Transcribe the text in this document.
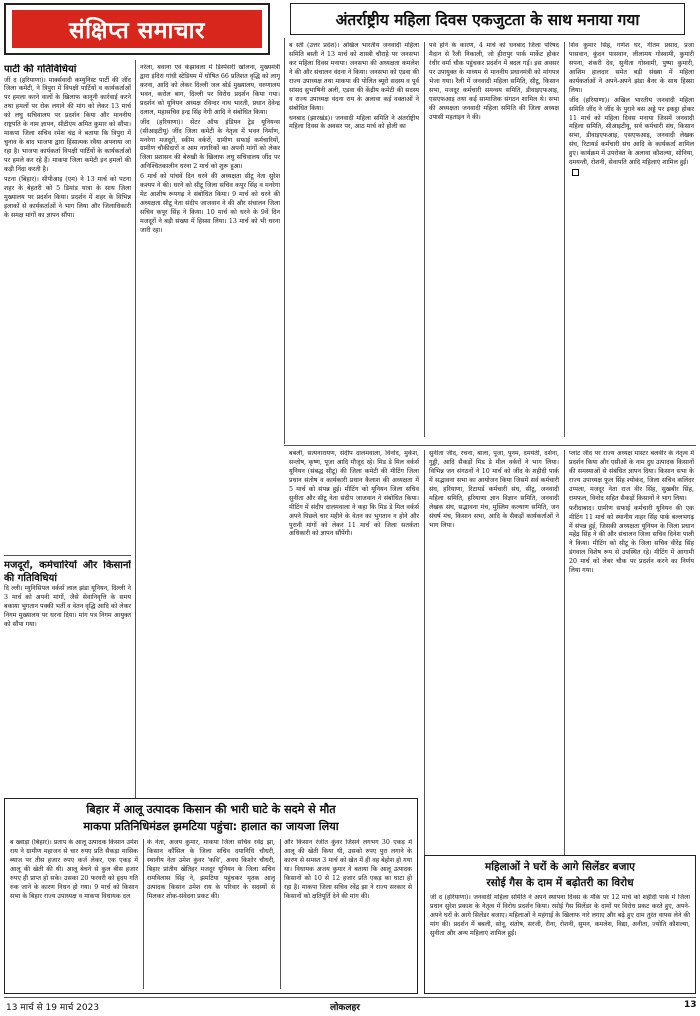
संक्षिप्त समाचार	अंतर्राष्ट्रीय महिला दिवस एकजुटता के साथ मनाया गया
पार्टी की गतिविधियां

जीं द (हरियाणा)। मार्क्सवादी कम्युनिस्ट पार्टी की जींद जिला कमेटी, ने त्रिपुरा में विपक्षी पार्टियों व कार्यकर्ताओं पर हमला करने वालों के खिलाफ कानूनी कार्रवाई करने तथा हमलों पर रोक लगाने की मांग को लेकर 13 मार्च को लघु सचिवालय पर प्रदर्शन किया और माननीय राष्ट्रपति के नाम ज्ञापन, सीटीएम अमित कुमार को सौंपा। माकपा जिला सचिव रमेश चंद्र ने बताया कि त्रिपुरा में चुनाव के बाद भाजपा द्वारा हिंसात्मक रवैया अपनाया जा रहा है। भाजपा कार्यकर्ता विपक्षी पार्टियों के कार्यकर्ताओं पर हमले कर रहे हैं। माकपा जिला कमेटी इन हमलों की कड़ी निंदा करती है।

पटना (बिहार)। सीपीआइ (एम) ने 13 मार्च को पटना शहर के बेहतरी को 5 डिमांड यात्रा के साथ जिला मुख्यालय पर प्रदर्शन किया। प्रदर्शन में शहर के विभिन्न इलाकों से कार्यकर्ताओं ने भाग लिया और जिलाधिकारी के समक्ष मांगों का ज्ञापन सौंपा।

मजदूरों, कर्मचारियों और किसानों की गतिविधियां

दि ल्ली। म्युनिसिपल वर्कर्स लाल झंडा यूनियन, दिल्ली ने 3 मार्च को अपनी मांगों, जैसे सेवानिवृत्ति के समय बकाया भुगतान पक्की भर्ती व वेतन वृद्धि आदि को लेकर निगम मुख्यालय पर धरना दिया। मांग पत्र निगम आयुक्त को सौंपा गया।

नरेला, बवाना एवं कंझावला में डिस्पेंसरी खोलना, मुख्यमंत्री द्वारा इंदिरा गांधी स्टेडियम में घोषित 66 प्रतिशत वृद्धि को लागू करना, आदि को लेकर दिल्ली जल बोर्ड मुख्यालय, वरुणालय भवन, करोल बाग, दिल्ली पर विरोध प्रदर्शन किया गया। प्रदर्शन को यूनियन अध्यक्ष रविन्दर नाथ भारती, प्रधान देवेन्द्र दलाल, महासचिव इन्द्र सिंह नेगी आदि ने संबोधित किया।

जींद (हरियाणा)। सेंटर ऑफ इंडियन ट्रेड यूनियन्स (सीआइटीयू) जींद जिला कमेटी के नेतृत्व में भवन निर्माण, मनरेगा मजदूरों, स्कीम वर्करों, ग्रामीण सफाई कर्मचारियों, ग्रामीण चौकीदारों व आम नागरिकों का अपनी मांगों को लेकर जिला प्रशासन की बेरुखी के खिलाफ लघु सचिवालय जींद पर अनिश्चितकालीन धरना 2 मार्च को शुरू हुआ।

6 मार्च को पांचवें दिन धरने की अध्यक्षता सीटू नेता सुरेश कश्यप ने की। धरने को सीटू जिला सचिव कपूर सिंह व मनरेगा मेट आशीष रूपगढ़ ने संबोधित किया। 9 मार्च को धरने की अध्यक्षता सीटू नेता संदीप जाजवान ने की और संचालन जिला सचिव कपूर सिंह ने किया। 10 मार्च को धरने के 9वें दिन मजदूरों ने बड़ी संख्या में हिस्सा लिया। 13 मार्च को भी धरना जारी रहा।

ब स्ती (उत्तर प्रदेश)। अखिल भारतीय जनवादी महिला समिति बस्ती ने 13 मार्च को शास्त्री चौराहे पर जनसभा कर महिला दिवस मनाया। जनसभा की अध्यक्षता कमलेश ने की और संचालन वंदना ने किया। जनसभा को एडवा की राज्य उपाध्यक्ष तथा माकपा की पोलित ब्यूरो सदस्य व पूर्व सांसद सुभाषिनी अली, एडवा की केंद्रीय कमेटी की सदस्य व राज्य उपाध्यक्ष वंदना राय के अलावा कई वक्ताओं ने संबोधित किया।

धनबाद (झारखंड)। जनवादी महिला समिति ने अंतर्राष्ट्रीय महिला दिवस के अवसर पर, आठ मार्च को होली का

पर्व होने के कारण, 4 मार्च को धनबाद जिला परिषद मैदान से रैली निकाली, जो हीरापुर पार्क मार्केट होकर रंधीर वर्मा चौक पहुंचकर प्रदर्शन में बदल गई। इस अवसर पर उपायुक्त के माध्यम से माननीय प्रधानमंत्री को मांगपत्र भेजा गया। रैली में जनवादी महिला समिति, सीटू, किसान सभा, मजदूर कर्मचारी समन्वय समिति, डीवाइएफआइ, एसएफआइ तथा कई सामाजिक संगठन शामिल थे। सभा की अध्यक्षता जनवादी महिला समिति की जिला अध्यक्ष उपासी महताइन ने की।

शिव कुमार सिंह, गणेश घर, गीतम प्रसाद, प्रजा पासवान, कुंदन पासवान, लीलामय गोस्वामी, कुमारी सपना, शंकरी देव, सुनीता गोस्वामी, पुष्पा कुमारी, आशिम हालदार समेत बड़ी संख्या में महिला कार्यकर्ताओं ने अपने-अपने झंडा बैनर के साथ हिस्सा लिया।

जींद (हरियाणा)। अखिल भारतीय जनवादी महिला समिति जींद ने जींद के पुराने बस अड्डे पर इकट्ठा होकर 11 मार्च को महिला दिवस मनाया जिसमें जनवादी महिला समिति, सीआइटीयू, सर्व कर्मचारी संघ, किसान सभा, डीवाइएफआइ, एसएफआइ, जनवादी लेखक संघ, रिटायर्ड कर्मचारी संघ आदि के कार्यकर्ता शामिल हुए। कार्यक्रम में उपरोक्त के अलावा कौशल्या, सोनिया, दमयन्ती, रोशनी, सेवापति आदि महिलाएं शामिल हुईं।

बबली, सत्यनारायण, संदीप दालमवाला, विनोद, मुकेश, सन्तोष, कृष्ण, पूजा आदि मौजूद रहे। मिड डे मिल वर्कर्स यूनियन (संबद्ध सीटू) की जिला कमेटी की मीटिंग जिला प्रधान संतोष व कार्यकारी प्रधान कैलाश की अध्यक्षता में 5 मार्च को संपन्न हुई। मीटिंग को यूनियन जिला सचिव सुनीता और सीटू नेता संदीप जाजवान ने संबोधित किया। मीटिंग में संदीप दालमवाला ने कहा कि मिड डे मिल वर्कर्स अपने पिछले चार महीने के वेतन का भुगतान न होने और पुरानी मांगों को लेकर 11 मार्च को जिला सतर्कता अधिकारी को ज्ञापन सौंपेंगी।

सुनीता जींद, रचना, बाला, पूजा, पूनम, दमयंती, दर्शना, गुड्डी, आदि सैकड़ों मिड डे मील वर्करों ने भाग लिया। विभिन्न जन संगठनों ने 10 मार्च को जींद के शहीदी पार्क में सद्भावना सभा का आयोजन किया जिसमें सर्व कर्मचारी संघ, हरियाणा, रिटायर्ड कर्मचारी संघ, सीटू, जनवादी महिला समिति, हरियाणा ज्ञान विज्ञान समिति, जनवादी लेखक संघ, सद्भावना मंच, मुस्लिम कल्याण समिति, जन संघर्ष मंच, किसान सभा, आदि के सैकड़ों कार्यकर्ताओं ने भाग लिया।

प्लांट जींद पर राज्य अध्यक्ष मास्टर बलवीर के नेतृत्व में प्रदर्शन किया और एसीओ के नाम दुध उत्पादक किसानों की समस्याओं से संबंधित ज्ञापन दिया। किसान सभा के राज्य उपाध्यक्ष फूल सिंह श्योकंद, जिला सचिव कलिंदर उप्पला, मजदूर नेता राज वीर सिंह, सुखबीर सिंह, रामफल, विनोद सहित सैकड़ों किसानों ने भाग लिया।

फरीदाबाद। ग्रामीण सफाई कर्मचारी यूनियन की एक मीटिंग 11 मार्च को स्थानीय नाहर सिंह पार्क बल्लभगढ़ में संपन्न हुई, जिसकी अध्यक्षता यूनियन के जिला प्रधान महेंद्र सिंह ने की और संचालन जिला सचिव दिनेश पाली ने किया। मीटिंग को सीटू के जिला सचिव वीरेंद्र सिंह डंगवाल विशेष रूप से उपस्थित रहे। मीटिंग में आगामी 20 मार्च को लेबर चौक पर प्रदर्शन करने का निर्णय लिया गया।

बिहार में आलू उत्पादक किसान की भारी घाटे के सदमे से मौत
माकपा प्रतिनिधिमंडल झमटिया पहुंचा: हालात का जायजा लिया

ब ख्वाड़ा (बिहार)। प्रताप के आलू उत्पादक किसान उमेश राय ने ग्रामीण महाजन से चार रुपए प्रति सैकड़ा मासिक ब्याज पर तीस हजार रुपए कर्ज लेकर, एक एकड़ में आलू की खेती की थी। आलू बेचने से कुल बीस हजार रुपए ही प्राप्त हो सके। उसका 20 फरवरी को हृदय गति रुक जाने के कारण निधन हो गया। 9 मार्च को किसान सभा के बिहार राज्य उपाध्यक्ष व माकपा विधायक दल

के नेता, अजय कुमार, माकपा जिला सचिव रवेंद्र झा, किसान कौंसिल के जिला सचिव दयानिधि चौधरी, स्थानीय नेता उमेश कुंवर 'कवि', अवध किशोर चौधरी, बिहार प्रांतीय खेतिहर मजदूर यूनियन के जिला सचिव रामविलास सिंह ने, झमटिया पहुंचकर मृतक आलू उत्पादक किसान उमेश राय के परिवार के सदस्यों से मिलकर शोक-संवेदना प्रकट की।

और किसान रंजीत कुंवर जिसने लगभग 30 एकड़ में आलू की खेती किया थी, उसको रुपए पुरा लगाने के कारण से समस्त 3 मार्च को खेत में ही वह बेहोश हो गया था। विधायक अजय कुमार ने बताया कि आलू उत्पादक किसानों को 10 से 12 हजार प्रति एकड़ का घाटा हो रहा है। माकपा जिला सचिव रवेंद्र झा ने राज्य सरकार से किसानों को क्षतिपूर्ति देने की मांग की।

महिलाओं ने घरों के आगे सिलेंडर बजाए
रसोई गैस के दाम में बढ़ोतरी का विरोध

जीं द (हरियाणा)। जनवादी महिला समिति ने अपने स्थापना दिवस के मौके पर 12 मार्च को शहीदी पार्क में जिला प्रधान सुरेश प्रकाश के नेतृत्व में विरोध प्रदर्शन किया। रसोई गैस सिलेंडर के दामों पर विरोध प्रकट करते हुए, अपने-अपने घरों के आगे सिलेंडर बजाए। महिलाओं ने महंगाई के खिलाफ नारे लगाए और बढ़े हुए दाम तुरंत वापस लेने की मांग की। प्रदर्शन में बबली, सोनू, संतोष, सरजी, रीना, रोशनी, सुमन, कमलेश, विद्या, अनीता, ज्योति कौशल्या, सुनीता और अन्य महिलाएं शामिल हुईं।

13 मार्च से 19 मार्च 2023	लोकलहर	13
